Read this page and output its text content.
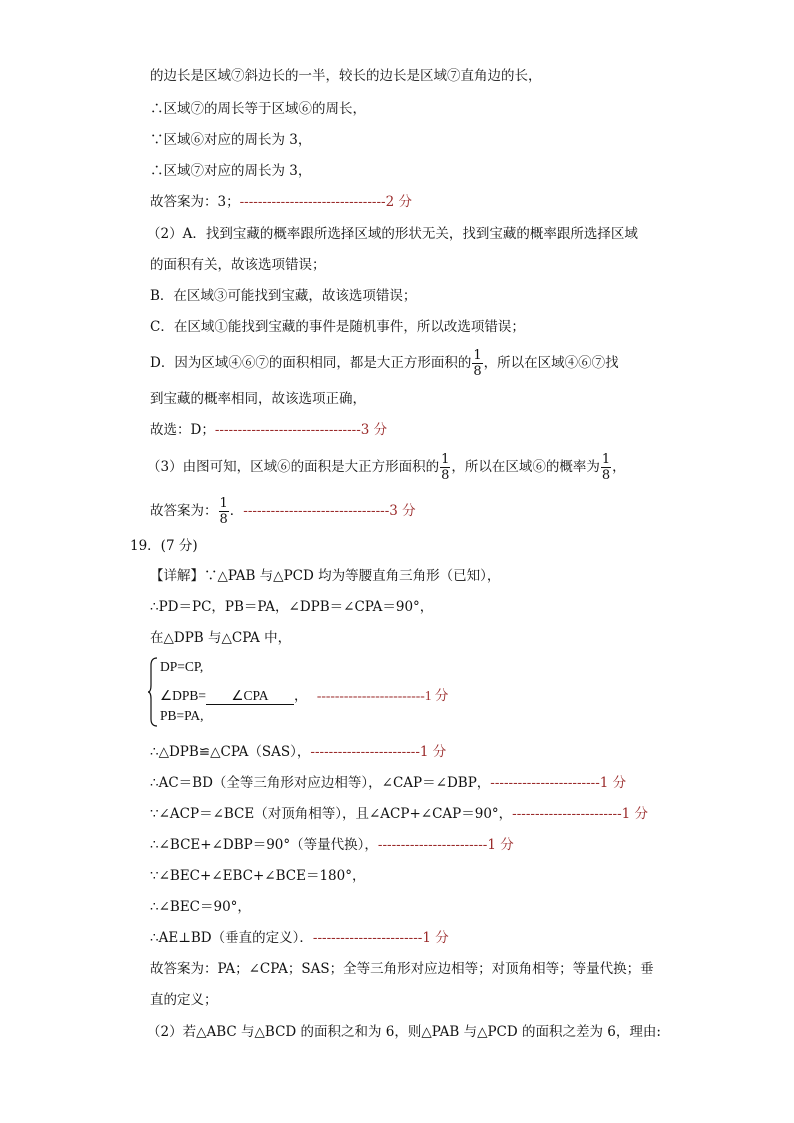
的边长是区域⑦斜边长的一半，较长的边长是区域⑦直角边的长，
∴区域⑦的周长等于区域⑥的周长，
∵区域⑥对应的周长为 3，
∴区域⑦对应的周长为 3，
故答案为：3；--------------------------------2 分
（2）A．找到宝藏的概率跟所选择区域的形状无关，找到宝藏的概率跟所选择区域
的面积有关，故该选项错误；
B．在区域③可能找到宝藏，故该选项错误；
C．在区域①能找到宝藏的事件是随机事件，所以改选项错误；
D．因为区域④⑥⑦的面积相同，都是大正方形面积的 $\frac{1}{8}$ ，所以在区域④⑥⑦找
到宝藏的概率相同，故该选项正确，
故选：D；--------------------------------3 分
（3）由图可知，区域⑥的面积是大正方形面积的 $\frac{1}{8}$ ，所以在区域⑥的概率为 $\frac{1}{8}$ ，
故答案为： $\frac{1}{8}$ ．--------------------------------3 分
19．(7 分)
【详解】∵△PAB 与△PCD 均为等腰直角三角形（已知），
∴PD＝PC，PB＝PA，∠DPB＝∠CPA＝90°，
在△DPB 与△CPA 中，
DP=CP,
∠DPB= ∠CPA ， ------------------------1 分
PB=PA,
∴△DPB≌△CPA（SAS），------------------------1 分
∴AC＝BD（全等三角形对应边相等），∠CAP＝∠DBP，------------------------1 分
∵∠ACP＝∠BCE（对顶角相等），且∠ACP+∠CAP＝90°，------------------------1 分
∴∠BCE+∠DBP＝90°（等量代换），------------------------1 分
∵∠BEC+∠EBC+∠BCE＝180°，
∴∠BEC＝90°，
∴AE⊥BD（垂直的定义）．------------------------1 分
故答案为：PA；∠CPA；SAS；全等三角形对应边相等；对顶角相等；等量代换；垂
直的定义；
（2）若△ABC 与△BCD 的面积之和为 6，则△PAB 与△PCD 的面积之差为 6，理由:
